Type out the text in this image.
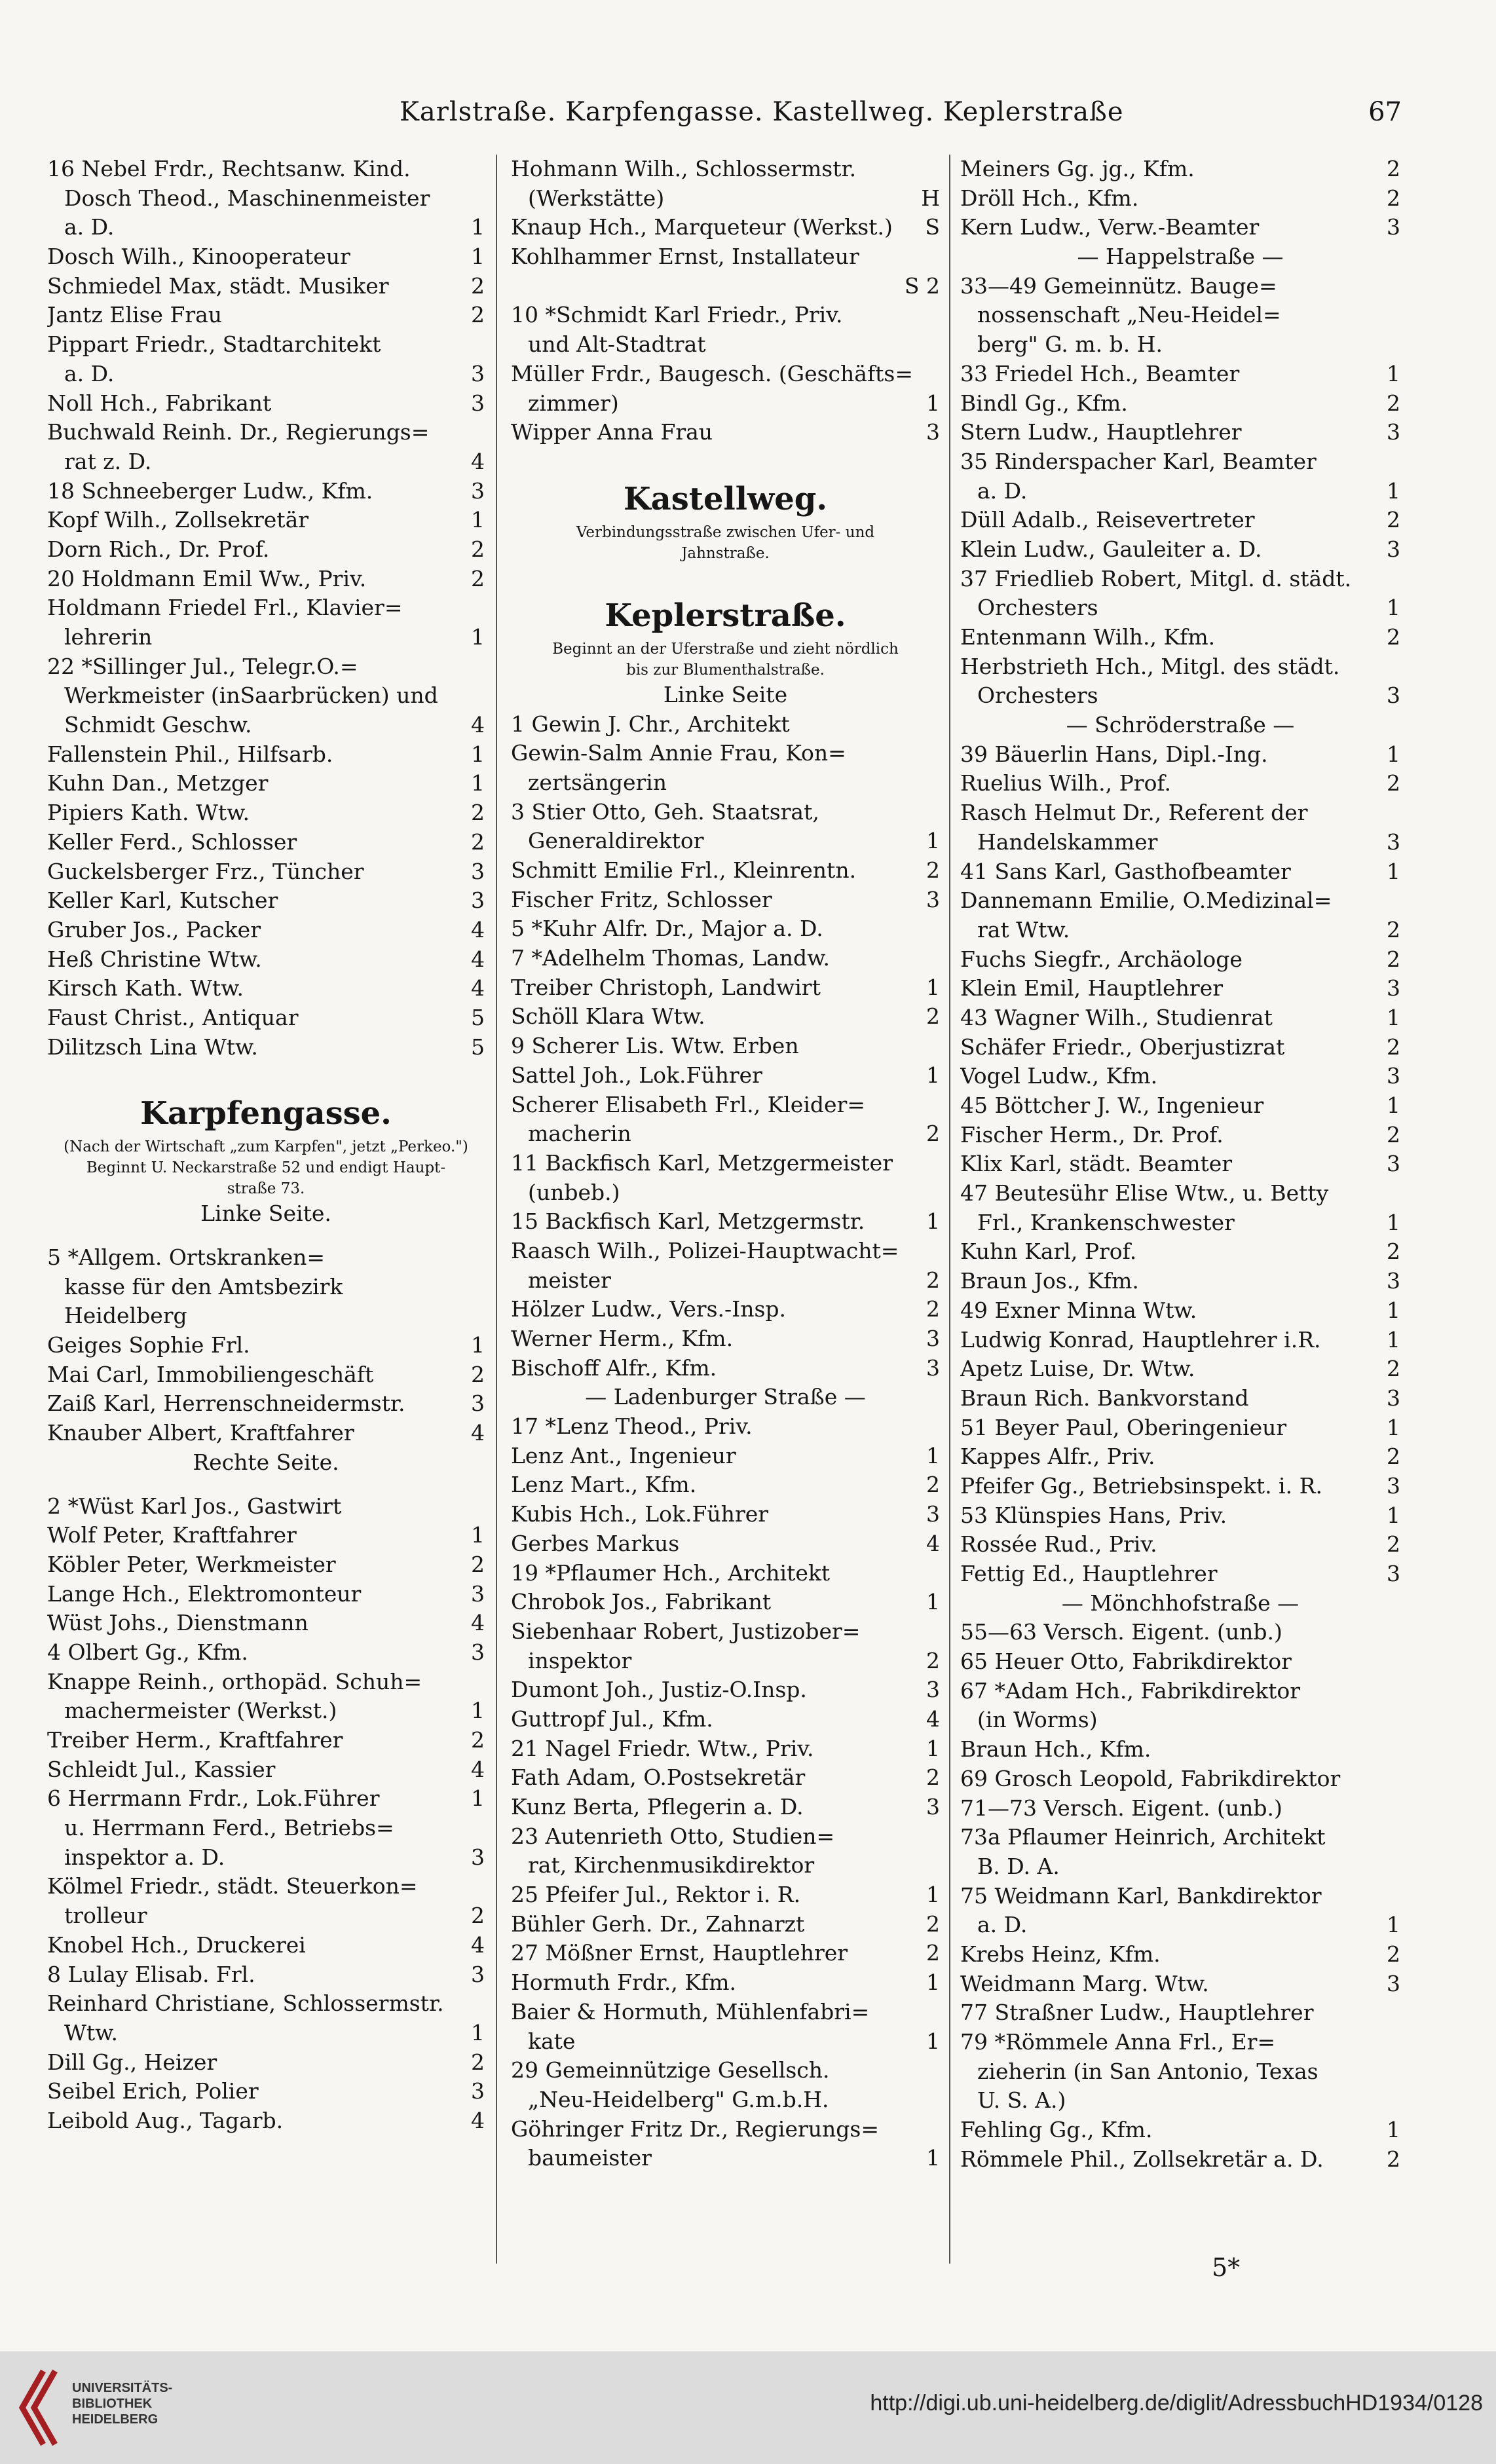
Karlstraße. Karpfengasse. Kastellweg. Keplerstraße	67
16 Nebel Frdr., Rechtsanw. Kind.
Dosch Theod., Maschinenmeister
a. D.	1
Dosch Wilh., Kinooperateur	1
Schmiedel Max, städt. Musiker	2
Jantz Elise Frau	2
Pippart Friedr., Stadtarchitekt
a. D.	3
Noll Hch., Fabrikant	3
Buchwald Reinh. Dr., Regierungs=
rat z. D.	4
18 Schneeberger Ludw., Kfm.	3
Kopf Wilh., Zollsekretär	1
Dorn Rich., Dr. Prof.	2
20 Holdmann Emil Ww., Priv.	2
Holdmann Friedel Frl., Klavier=
lehrerin	1
22 *Sillinger Jul., Telegr.O.=
Werkmeister (inSaarbrücken) und
Schmidt Geschw.	4
Fallenstein Phil., Hilfsarb.	1
Kuhn Dan., Metzger	1
Pipiers Kath. Wtw.	2
Keller Ferd., Schlosser	2
Guckelsberger Frz., Tüncher	3
Keller Karl, Kutscher	3
Gruber Jos., Packer	4
Heß Christine Wtw.	4
Kirsch Kath. Wtw.	4
Faust Christ., Antiquar	5
Dilitzsch Lina Wtw.	5
Karpfengasse.
(Nach der Wirtschaft „zum Karpfen", jetzt „Perkeo.")
Beginnt U. Neckarstraße 52 und endigt Haupt-
straße 73.
Linke Seite.
5 *Allgem. Ortskranken=
kasse für den Amtsbezirk
Heidelberg
Geiges Sophie Frl.	1
Mai Carl, Immobiliengeschäft	2
Zaiß Karl, Herrenschneidermstr.	3
Knauber Albert, Kraftfahrer	4
Rechte Seite.
2 *Wüst Karl Jos., Gastwirt
Wolf Peter, Kraftfahrer	1
Köbler Peter, Werkmeister	2
Lange Hch., Elektromonteur	3
Wüst Johs., Dienstmann	4
4 Olbert Gg., Kfm.	3
Knappe Reinh., orthopäd. Schuh=
machermeister (Werkst.)	1
Treiber Herm., Kraftfahrer	2
Schleidt Jul., Kassier	4
6 Herrmann Frdr., Lok.Führer	1
u. Herrmann Ferd., Betriebs=
inspektor a. D.	3
Kölmel Friedr., städt. Steuerkon=
trolleur	2
Knobel Hch., Druckerei	4
8 Lulay Elisab. Frl.	3
Reinhard Christiane, Schlossermstr.
Wtw.	1
Dill Gg., Heizer	2
Seibel Erich, Polier	3
Leibold Aug., Tagarb.	4
Hohmann Wilh., Schlossermstr.
(Werkstätte)	H
Knaup Hch., Marqueteur (Werkst.)	S
Kohlhammer Ernst, Installateur
S 2
10 *Schmidt Karl Friedr., Priv.
und Alt-Stadtrat
Müller Frdr., Baugesch. (Geschäfts=
zimmer)	1
Wipper Anna Frau	3
Kastellweg.
Verbindungsstraße zwischen Ufer- und
Jahnstraße.
Keplerstraße.
Beginnt an der Uferstraße und zieht nördlich
bis zur Blumenthalstraße.
Linke Seite
1 Gewin J. Chr., Architekt
Gewin-Salm Annie Frau, Kon=
zertsängerin
3 Stier Otto, Geh. Staatsrat,
Generaldirektor	1
Schmitt Emilie Frl., Kleinrentn.	2
Fischer Fritz, Schlosser	3
5 *Kuhr Alfr. Dr., Major a. D.
7 *Adelhelm Thomas, Landw.
Treiber Christoph, Landwirt	1
Schöll Klara Wtw.	2
9 Scherer Lis. Wtw. Erben
Sattel Joh., Lok.Führer	1
Scherer Elisabeth Frl., Kleider=
macherin	2
11 Backfisch Karl, Metzgermeister
(unbeb.)
15 Backfisch Karl, Metzgermstr.	1
Raasch Wilh., Polizei-Hauptwacht=
meister	2
Hölzer Ludw., Vers.-Insp.	2
Werner Herm., Kfm.	3
Bischoff Alfr., Kfm.	3
— Ladenburger Straße —
17 *Lenz Theod., Priv.
Lenz Ant., Ingenieur	1
Lenz Mart., Kfm.	2
Kubis Hch., Lok.Führer	3
Gerbes Markus	4
19 *Pflaumer Hch., Architekt
Chrobok Jos., Fabrikant	1
Siebenhaar Robert, Justizober=
inspektor	2
Dumont Joh., Justiz-O.Insp.	3
Guttropf Jul., Kfm.	4
21 Nagel Friedr. Wtw., Priv.	1
Fath Adam, O.Postsekretär	2
Kunz Berta, Pflegerin a. D.	3
23 Autenrieth Otto, Studien=
rat, Kirchenmusikdirektor
25 Pfeifer Jul., Rektor i. R.	1
Bühler Gerh. Dr., Zahnarzt	2
27 Mößner Ernst, Hauptlehrer	2
Hormuth Frdr., Kfm.	1
Baier & Hormuth, Mühlenfabri=
kate	1
29 Gemeinnützige Gesellsch.
„Neu-Heidelberg" G.m.b.H.
Göhringer Fritz Dr., Regierungs=
baumeister	1
Meiners Gg. jg., Kfm.	2
Dröll Hch., Kfm.	2
Kern Ludw., Verw.-Beamter	3
— Happelstraße —
33—49 Gemeinnütz. Bauge=
nossenschaft „Neu-Heidel=
berg" G. m. b. H.
33 Friedel Hch., Beamter	1
Bindl Gg., Kfm.	2
Stern Ludw., Hauptlehrer	3
35 Rinderspacher Karl, Beamter
a. D.	1
Düll Adalb., Reisevertreter	2
Klein Ludw., Gauleiter a. D.	3
37 Friedlieb Robert, Mitgl. d. städt.
Orchesters	1
Entenmann Wilh., Kfm.	2
Herbstrieth Hch., Mitgl. des städt.
Orchesters	3
— Schröderstraße —
39 Bäuerlin Hans, Dipl.-Ing.	1
Ruelius Wilh., Prof.	2
Rasch Helmut Dr., Referent der
Handelskammer	3
41 Sans Karl, Gasthofbeamter	1
Dannemann Emilie, O.Medizinal=
rat Wtw.	2
Fuchs Siegfr., Archäologe	2
Klein Emil, Hauptlehrer	3
43 Wagner Wilh., Studienrat	1
Schäfer Friedr., Oberjustizrat	2
Vogel Ludw., Kfm.	3
45 Böttcher J. W., Ingenieur	1
Fischer Herm., Dr. Prof.	2
Klix Karl, städt. Beamter	3
47 Beutesühr Elise Wtw., u. Betty
Frl., Krankenschwester	1
Kuhn Karl, Prof.	2
Braun Jos., Kfm.	3
49 Exner Minna Wtw.	1
Ludwig Konrad, Hauptlehrer i.R.	1
Apetz Luise, Dr. Wtw.	2
Braun Rich. Bankvorstand	3
51 Beyer Paul, Oberingenieur	1
Kappes Alfr., Priv.	2
Pfeifer Gg., Betriebsinspekt. i. R.	3
53 Klünspies Hans, Priv.	1
Rossée Rud., Priv.	2
Fettig Ed., Hauptlehrer	3
— Mönchhofstraße —
55—63 Versch. Eigent. (unb.)
65 Heuer Otto, Fabrikdirektor
67 *Adam Hch., Fabrikdirektor
(in Worms)
Braun Hch., Kfm.
69 Grosch Leopold, Fabrikdirektor
71—73 Versch. Eigent. (unb.)
73a Pflaumer Heinrich, Architekt
B. D. A.
75 Weidmann Karl, Bankdirektor
a. D.	1
Krebs Heinz, Kfm.	2
Weidmann Marg. Wtw.	3
77 Straßner Ludw., Hauptlehrer
79 *Römmele Anna Frl., Er=
zieherin (in San Antonio, Texas
U. S. A.)
Fehling Gg., Kfm.	1
Römmele Phil., Zollsekretär a. D.	2
5*
UNIVERSITÄTS-
BIBLIOTHEK
HEIDELBERG
http://digi.ub.uni-heidelberg.de/diglit/AdressbuchHD1934/0128
